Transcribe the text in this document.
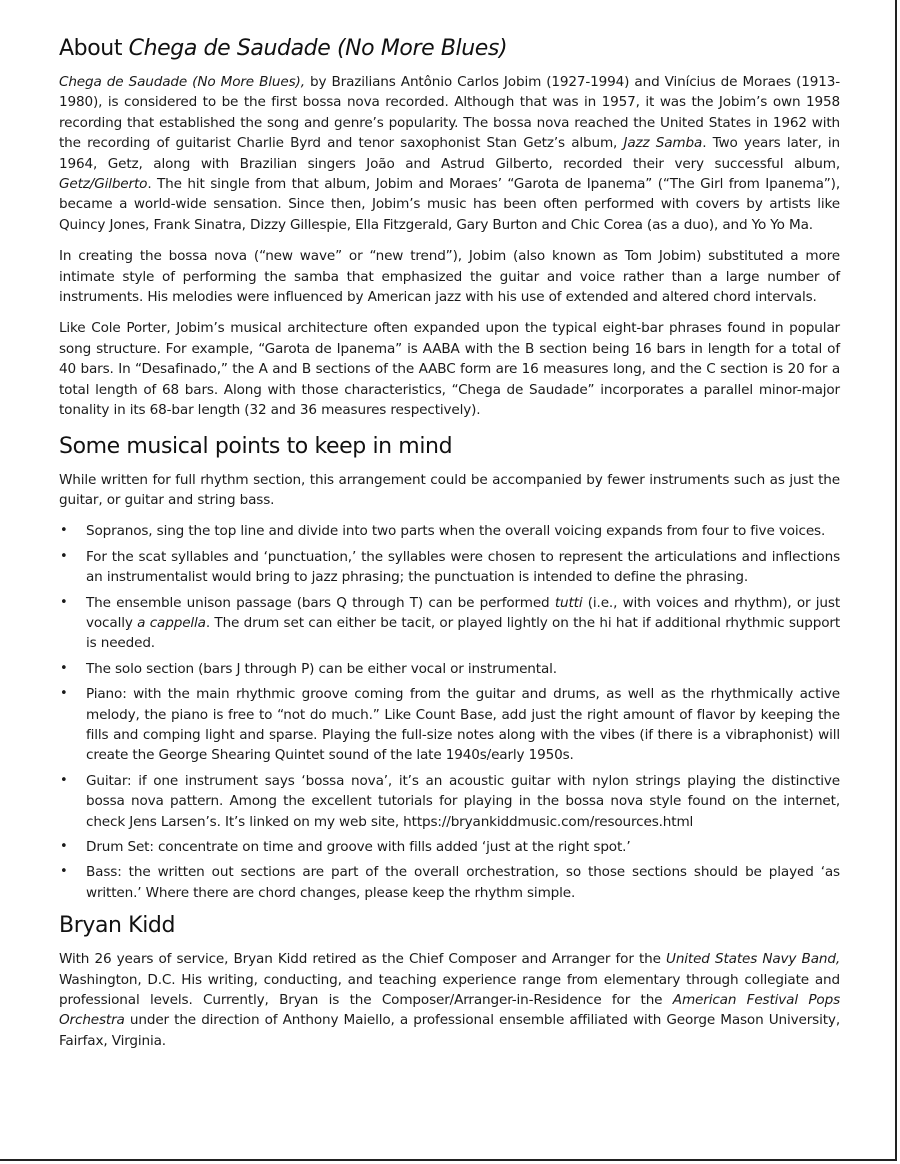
About Chega de Saudade (No More Blues)

Chega de Saudade (No More Blues), by Brazilians Antônio Carlos Jobim (1927-1994) and Vinícius de Moraes (1913-1980), is considered to be the first bossa nova recorded. Although that was in 1957, it was the Jobim’s own 1958 recording that established the song and genre’s popularity. The bossa nova reached the United States in 1962 with the recording of guitarist Charlie Byrd and tenor saxophonist Stan Getz’s album, Jazz Samba. Two years later, in 1964, Getz, along with Brazilian singers João and Astrud Gilberto, recorded their very successful album, Getz/Gilberto. The hit single from that album, Jobim and Moraes’ “Garota de Ipanema” (“The Girl from Ipanema”), became a world-wide sensation. Since then, Jobim’s music has been often performed with covers by artists like Quincy Jones, Frank Sinatra, Dizzy Gillespie, Ella Fitzgerald, Gary Burton and Chic Corea (as a duo), and Yo Yo Ma.

In creating the bossa nova (“new wave” or “new trend”), Jobim (also known as Tom Jobim) substituted a more intimate style of performing the samba that emphasized the guitar and voice rather than a large number of instruments. His melodies were influenced by American jazz with his use of extended and altered chord intervals.

Like Cole Porter, Jobim’s musical architecture often expanded upon the typical eight-bar phrases found in popular song structure. For example, “Garota de Ipanema” is AABA with the B section being 16 bars in length for a total of 40 bars. In “Desafinado,” the A and B sections of the AABC form are 16 measures long, and the C section is 20 for a total length of 68 bars. Along with those characteristics, “Chega de Saudade” incorporates a parallel minor-major tonality in its 68-bar length (32 and 36 measures respectively).

Some musical points to keep in mind

While written for full rhythm section, this arrangement could be accompanied by fewer instruments such as just the guitar, or guitar and string bass.

• Sopranos, sing the top line and divide into two parts when the overall voicing expands from four to five voices.
• For the scat syllables and ‘punctuation,’ the syllables were chosen to represent the articulations and inflections an instrumentalist would bring to jazz phrasing; the punctuation is intended to define the phrasing.
• The ensemble unison passage (bars Q through T) can be performed tutti (i.e., with voices and rhythm), or just vocally a cappella. The drum set can either be tacit, or played lightly on the hi hat if additional rhythmic support is needed.
• The solo section (bars J through P) can be either vocal or instrumental.
• Piano: with the main rhythmic groove coming from the guitar and drums, as well as the rhythmically active melody, the piano is free to “not do much.” Like Count Base, add just the right amount of flavor by keeping the fills and comping light and sparse. Playing the full-size notes along with the vibes (if there is a vibraphonist) will create the George Shearing Quintet sound of the late 1940s/early 1950s.
• Guitar: if one instrument says ‘bossa nova’, it’s an acoustic guitar with nylon strings playing the distinctive bossa nova pattern. Among the excellent tutorials for playing in the bossa nova style found on the internet, check Jens Larsen’s. It’s linked on my web site, https://bryankiddmusic.com/resources.html
• Drum Set: concentrate on time and groove with fills added ‘just at the right spot.’
• Bass: the written out sections are part of the overall orchestration, so those sections should be played ‘as written.’ Where there are chord changes, please keep the rhythm simple.
Bryan Kidd

With 26 years of service, Bryan Kidd retired as the Chief Composer and Arranger for the United States Navy Band, Washington, D.C. His writing, conducting, and teaching experience range from elementary through collegiate and professional levels. Currently, Bryan is the Composer/Arranger-in-Residence for the American Festival Pops Orchestra under the direction of Anthony Maiello, a professional ensemble affiliated with George Mason University, Fairfax, Virginia.
